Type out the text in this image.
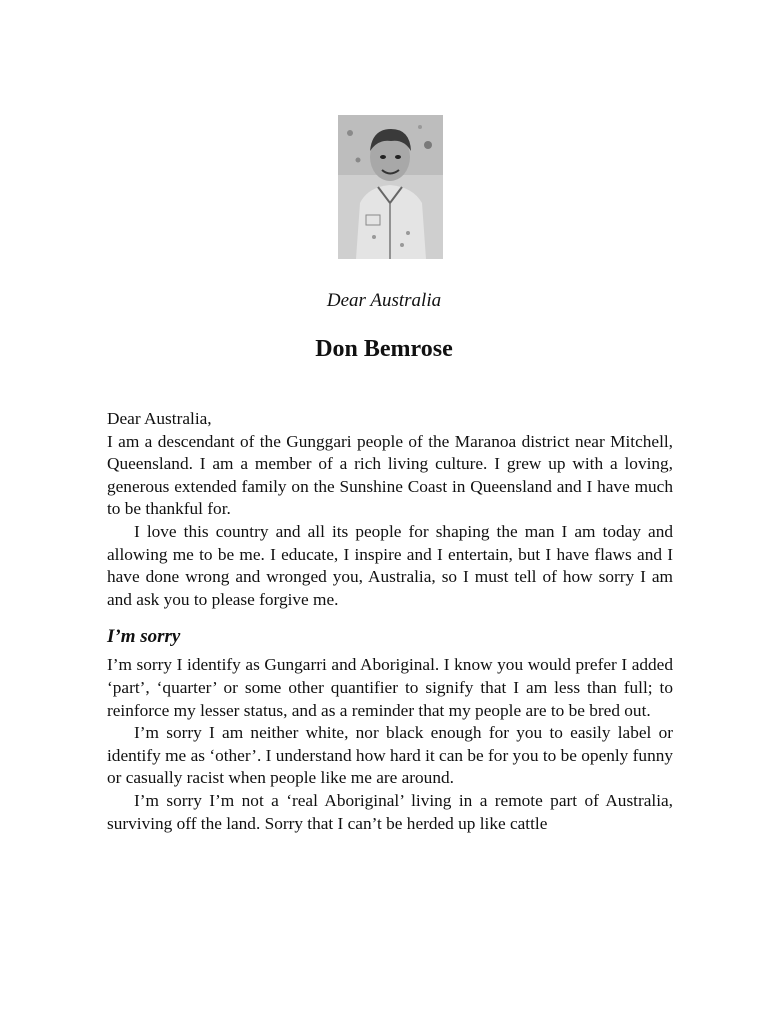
Dear Australia
Don Bemrose

Dear Australia,

I am a descendant of the Gunggari people of the Maranoa district near Mitchell, Queensland. I am a member of a rich living culture. I grew up with a loving, generous extended family on the Sunshine Coast in Queensland and I have much to be thankful for.

I love this country and all its people for shaping the man I am today and allowing me to be me. I educate, I inspire and I entertain, but I have flaws and I have done wrong and wronged you, Australia, so I must tell of how sorry I am and ask you to please forgive me.

I’m sorry

I’m sorry I identify as Gungarri and Aboriginal. I know you would prefer I added ‘part’, ‘quarter’ or some other quantifier to signify that I am less than full; to reinforce my lesser status, and as a reminder that my people are to be bred out.

I’m sorry I am neither white, nor black enough for you to easily label or identify me as ‘other’. I understand how hard it can be for you to be openly funny or casually racist when people like me are around.

I’m sorry I’m not a ‘real Aboriginal’ living in a remote part of Australia, surviving off the land. Sorry that I can’t be herded up like cattle
